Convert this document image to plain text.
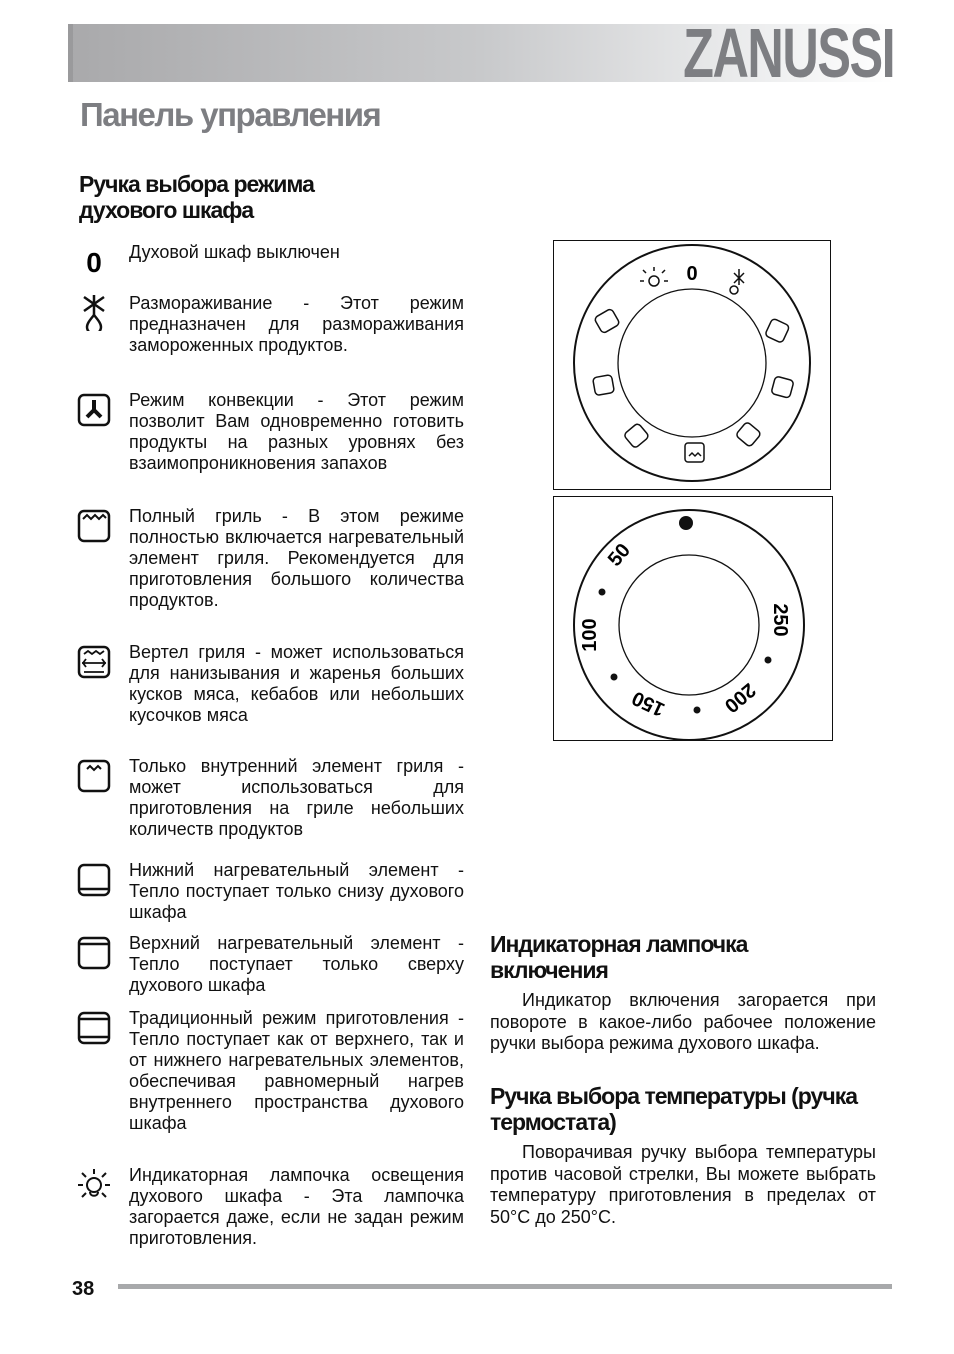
ZANUSSI
Панель управления
Ручка выбора режима духового шкафа
0 Духовой шкаф выключен
Размораживание - Этот режим предназначен для размораживания замороженных продуктов.
Режим конвекции - Этот режим позволит Вам одновременно готовить продукты на разных уровнях без взаимопроникновения запахов
Полный гриль - В этом режиме полностью включается нагревательный элемент гриля. Рекомендуется для приготовления большого количества продуктов.
Вертел гриля - может использоваться для нанизывания и жаренья больших кусков мяса, кебабов или небольших кусочков мяса
Только внутренний элемент гриля - может использоваться для приготовления на гриле небольших количеств продуктов
Нижний нагревательный элемент - Тепло поступает только снизу духового шкафа
Верхний нагревательный элемент - Тепло поступает только сверху духового шкафа
Традиционный режим приготовления - Тепло поступает как от верхнего, так и от нижнего нагревательных элементов, обеспечивая равномерный нагрев внутреннего пространства духового шкафа
Индикаторная лампочка освещения духового шкафа - Эта лампочка загорается даже, если не задан режим приготовления.
0
50
100
150	200
250
Индикаторная лампочка включения
Индикатор включения загорается при повороте в какое-либо рабочее положение ручки выбора режима духового шкафа.
Ручка выбора температуры (ручка термостата)
Поворачивая ручку выбора температуры против часовой стрелки, Вы можете выбрать температуру приготовления в пределах от 50°C до 250°C.
38
